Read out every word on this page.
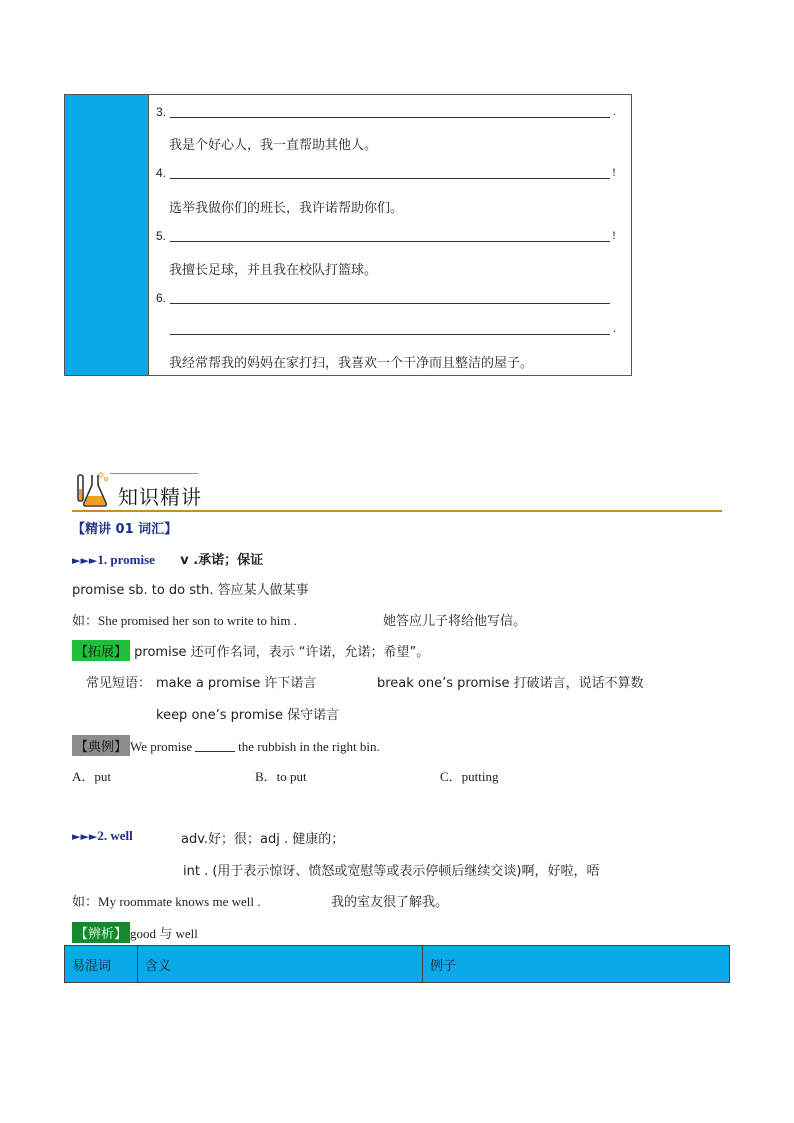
3.	.
我是个好心人，我一直帮助其他人。
4.	!
选举我做你们的班长，我许诺帮助你们。
5.	!
我擅长足球，并且我在校队打篮球。
6.
.
我经常帮我的妈妈在家打扫，我喜欢一个干净而且整洁的屋子。
知识精讲
【精讲 01 词汇】
►►►1. promise v .承诺；保证
promise sb. to do sth. 答应某人做某事
如：She promised her son to write to him .	她答应儿子将给他写信。
【拓展】 promise 还可作名词，表示 “许诺，允诺；希望”。
常见短语： make a promise 许下诺言	break one’s promise 打破诺言，说话不算数
keep one’s promise 保守诺言
【典例】 We promise	the rubbish in the right bin.
A．put	B．to put	C．putting
►►►2. well	adv.好；很；adj . 健康的；
int . (用于表示惊讶、愤怒或宽慰等或表示停顿后继续交谈)啊，好啦，唔
如：My roommate knows me well .	我的室友很了解我。
【辨析】 good 与 well
易混词	含义	例子
